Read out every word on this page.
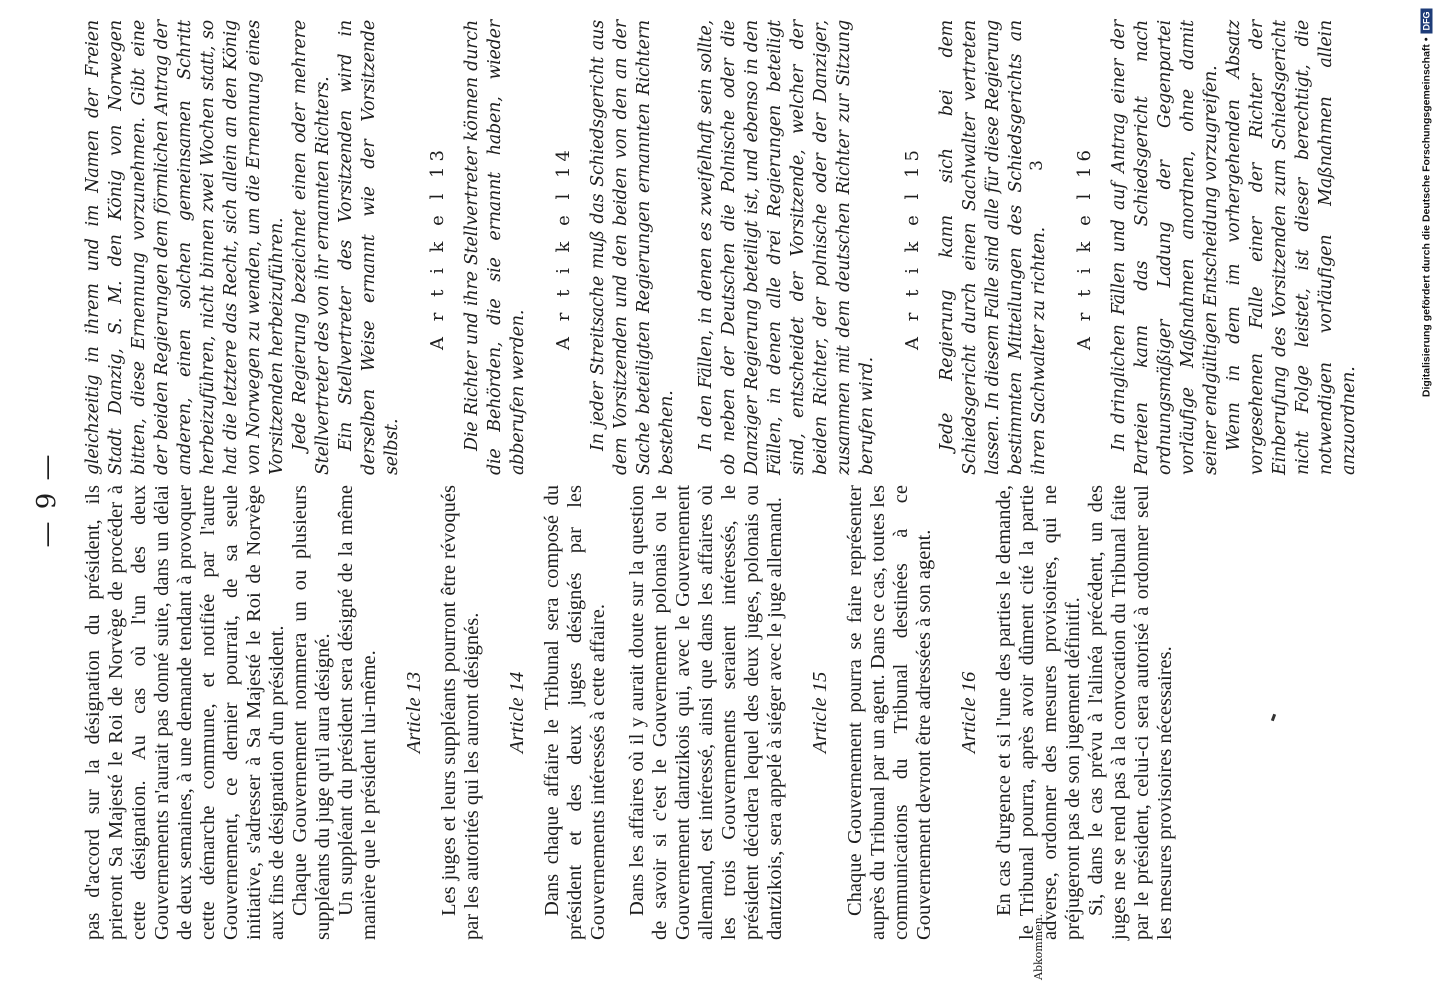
— 9 — pas d'accord sur la désignation du président, ils prieront Sa Majesté le Roi de Norvège de procéder à cette désignation. Au cas où l'un des deux Gouvernements n'aurait pas donné suite, dans un délai de deux semaines, à une demande tendant à provoquer cette démarche commune, et notifiée par l'autre Gouvernement, ce dernier pourrait, de sa seule initiative, s'adresser à Sa Majesté le Roi de Norvège aux fins de désignation d'un président. Chaque Gouvernement nommera un ou plusieurs suppléants du juge qu'il aura désigné. Un suppléant du président sera désigné de la même manière que le président lui-même. Article 13 Les juges et leurs suppléants pourront être révoqués par les autorités qui les auront désignés. Article 14 Dans chaque affaire le Tribunal sera composé du président et des deux juges désignés par les Gouvernements intéressés à cette affaire. Dans les affaires où il y aurait doute sur la question de savoir si c'est le Gouvernement polonais ou le Gouvernement dantzikois qui, avec le Gouvernement allemand, est intéressé, ainsi que dans les affaires où les trois Gouvernements seraient intéressés, le président décidera lequel des deux juges, polonais ou dantzikois, sera appelé à siéger avec le juge allemand. Article 15 Chaque Gouvernement pourra se faire représenter auprès du Tribunal par un agent. Dans ce cas, toutes les communications du Tribunal destinées à ce Gouvernement devront être adressées à son agent. Article 16 En cas d'urgence et si l'une des parties le demande, le Tribunal pourra, après avoir dûment cité la partie adverse, ordonner des mesures provisoires, qui ne préjugeront pas de son jugement définitif. Si, dans le cas prévu à l'alinéa précédent, un des juges ne se rend pas à la convocation du Tribunal faite par le président, celui-ci sera autorisé à ordonner seul les mesures provisoires nécessaires.

gleichzeitig in ihrem und im Namen der Freien Stadt Danzig, S. M. den König von Norwegen bitten, diese Ernennung vorzunehmen. Gibt eine der beiden Regierungen dem förmlichen Antrag der anderen, einen solchen gemeinsamen Schritt herbeizuführen, nicht binnen zwei Wochen statt, so hat die letztere das Recht, sich allein an den König von Norwegen zu wenden, um die Ernennung eines Vorsitzenden herbeizuführen. Jede Regierung bezeichnet einen oder mehrere Stellvertreter des von ihr ernannten Richters. Ein Stellvertreter des Vorsitzenden wird in derselben Weise ernannt wie der Vorsitzende selbst.

A r t i k e l 13 Die Richter und ihre Stellvertreter können durch die Behörden, die sie ernannt haben, wieder abberufen werden.

A r t i k e l 14 In jeder Streitsache muß das Schiedsgericht aus dem Vorsitzenden und den beiden von den an der Sache beteiligten Regierungen ernannten Richtern bestehen. In den Fällen, in denen es zweifelhaft sein sollte, ob neben der Deutschen die Polnische oder die Danziger Regierung beteiligt ist, und ebenso in den Fällen, in denen alle drei Regierungen beteiligt sind, entscheidet der Vorsitzende, welcher der beiden Richter, der polnische oder der Danziger, zusammen mit dem deutschen Richter zur Sitzung berufen wird.

A r t i k e l 15 Jede Regierung kann sich bei dem Schiedsgericht durch einen Sachwalter vertreten lassen. In diesem Falle sind alle für diese Regierung bestimmten Mitteilungen des Schiedsgerichts an ihren Sachwalter zu richten. A r t i k e l 16 In dringlichen Fällen und auf Antrag einer der Parteien kann das Schiedsgericht nach ordnungsmäßiger Ladung der Gegenpartei vorläufige Maßnahmen anordnen, ohne damit seiner endgültigen Entscheidung vorzugreifen. Wenn in dem im vorhergehenden Absatz vorgesehenen Falle einer der Richter der Einberufung des Vorsitzenden zum Schiedsgericht nicht Folge leistet, ist dieser berechtigt, die notwendigen vorläufigen Maßnahmen allein anzuordnen.

3
Abkommen.
Digitalisierung gefördert durch die Deutsche Forschungsgemeinschaft •
DFG
